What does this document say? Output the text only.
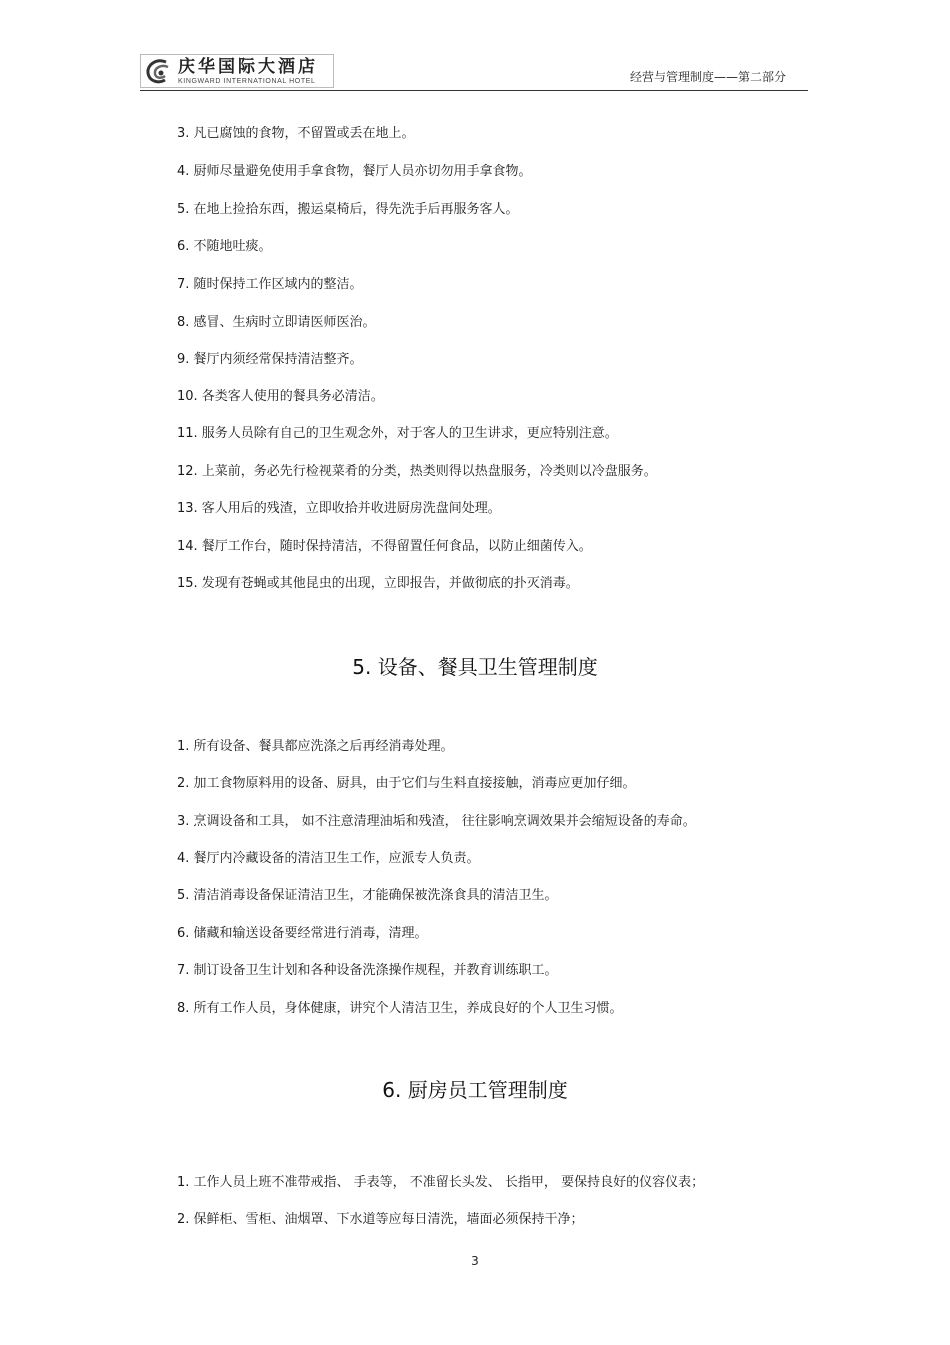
庆华国际大酒店
KINGWARD INTERNATIONAL HOTEL	经营与管理制度——第二部分
3. 凡已腐蚀的食物，不留置或丢在地上。
4. 厨师尽量避免使用手拿食物，餐厅人员亦切勿用手拿食物。
5. 在地上捡拾东西，搬运桌椅后，得先洗手后再服务客人。
6. 不随地吐痰。
7. 随时保持工作区域内的整洁。
8. 感冒、生病时立即请医师医治。
9. 餐厅内须经常保持清洁整齐。
10. 各类客人使用的餐具务必清洁。
11. 服务人员除有自己的卫生观念外，对于客人的卫生讲求，更应特别注意。
12. 上菜前，务必先行检视菜肴的分类，热类则得以热盘服务，冷类则以冷盘服务。
13. 客人用后的残渣，立即收拾并收进厨房洗盘间处理。
14. 餐厅工作台，随时保持清洁，不得留置任何食品，以防止细菌传入。
15. 发现有苍蝇或其他昆虫的出现，立即报告，并做彻底的扑灭消毒。
5. 设备、餐具卫生管理制度
1. 所有设备、餐具都应洗涤之后再经消毒处理。
2. 加工食物原料用的设备、厨具，由于它们与生料直接接触，消毒应更加仔细。
3. 烹调设备和工具， 如不注意清理油垢和残渣， 往往影响烹调效果并会缩短设备的寿命。
4. 餐厅内冷藏设备的清洁卫生工作，应派专人负责。
5. 清洁消毒设备保证清洁卫生，才能确保被洗涤食具的清洁卫生。
6. 储藏和输送设备要经常进行消毒，清理。
7. 制订设备卫生计划和各种设备洗涤操作规程，并教育训练职工。
8. 所有工作人员，身体健康，讲究个人清洁卫生，养成良好的个人卫生习惯。
6. 厨房员工管理制度
1. 工作人员上班不准带戒指、 手表等， 不准留长头发、 长指甲， 要保持良好的仪容仪表；
2. 保鲜柜、雪柜、油烟罩、下水道等应每日清洗，墙面必须保持干净；
3
